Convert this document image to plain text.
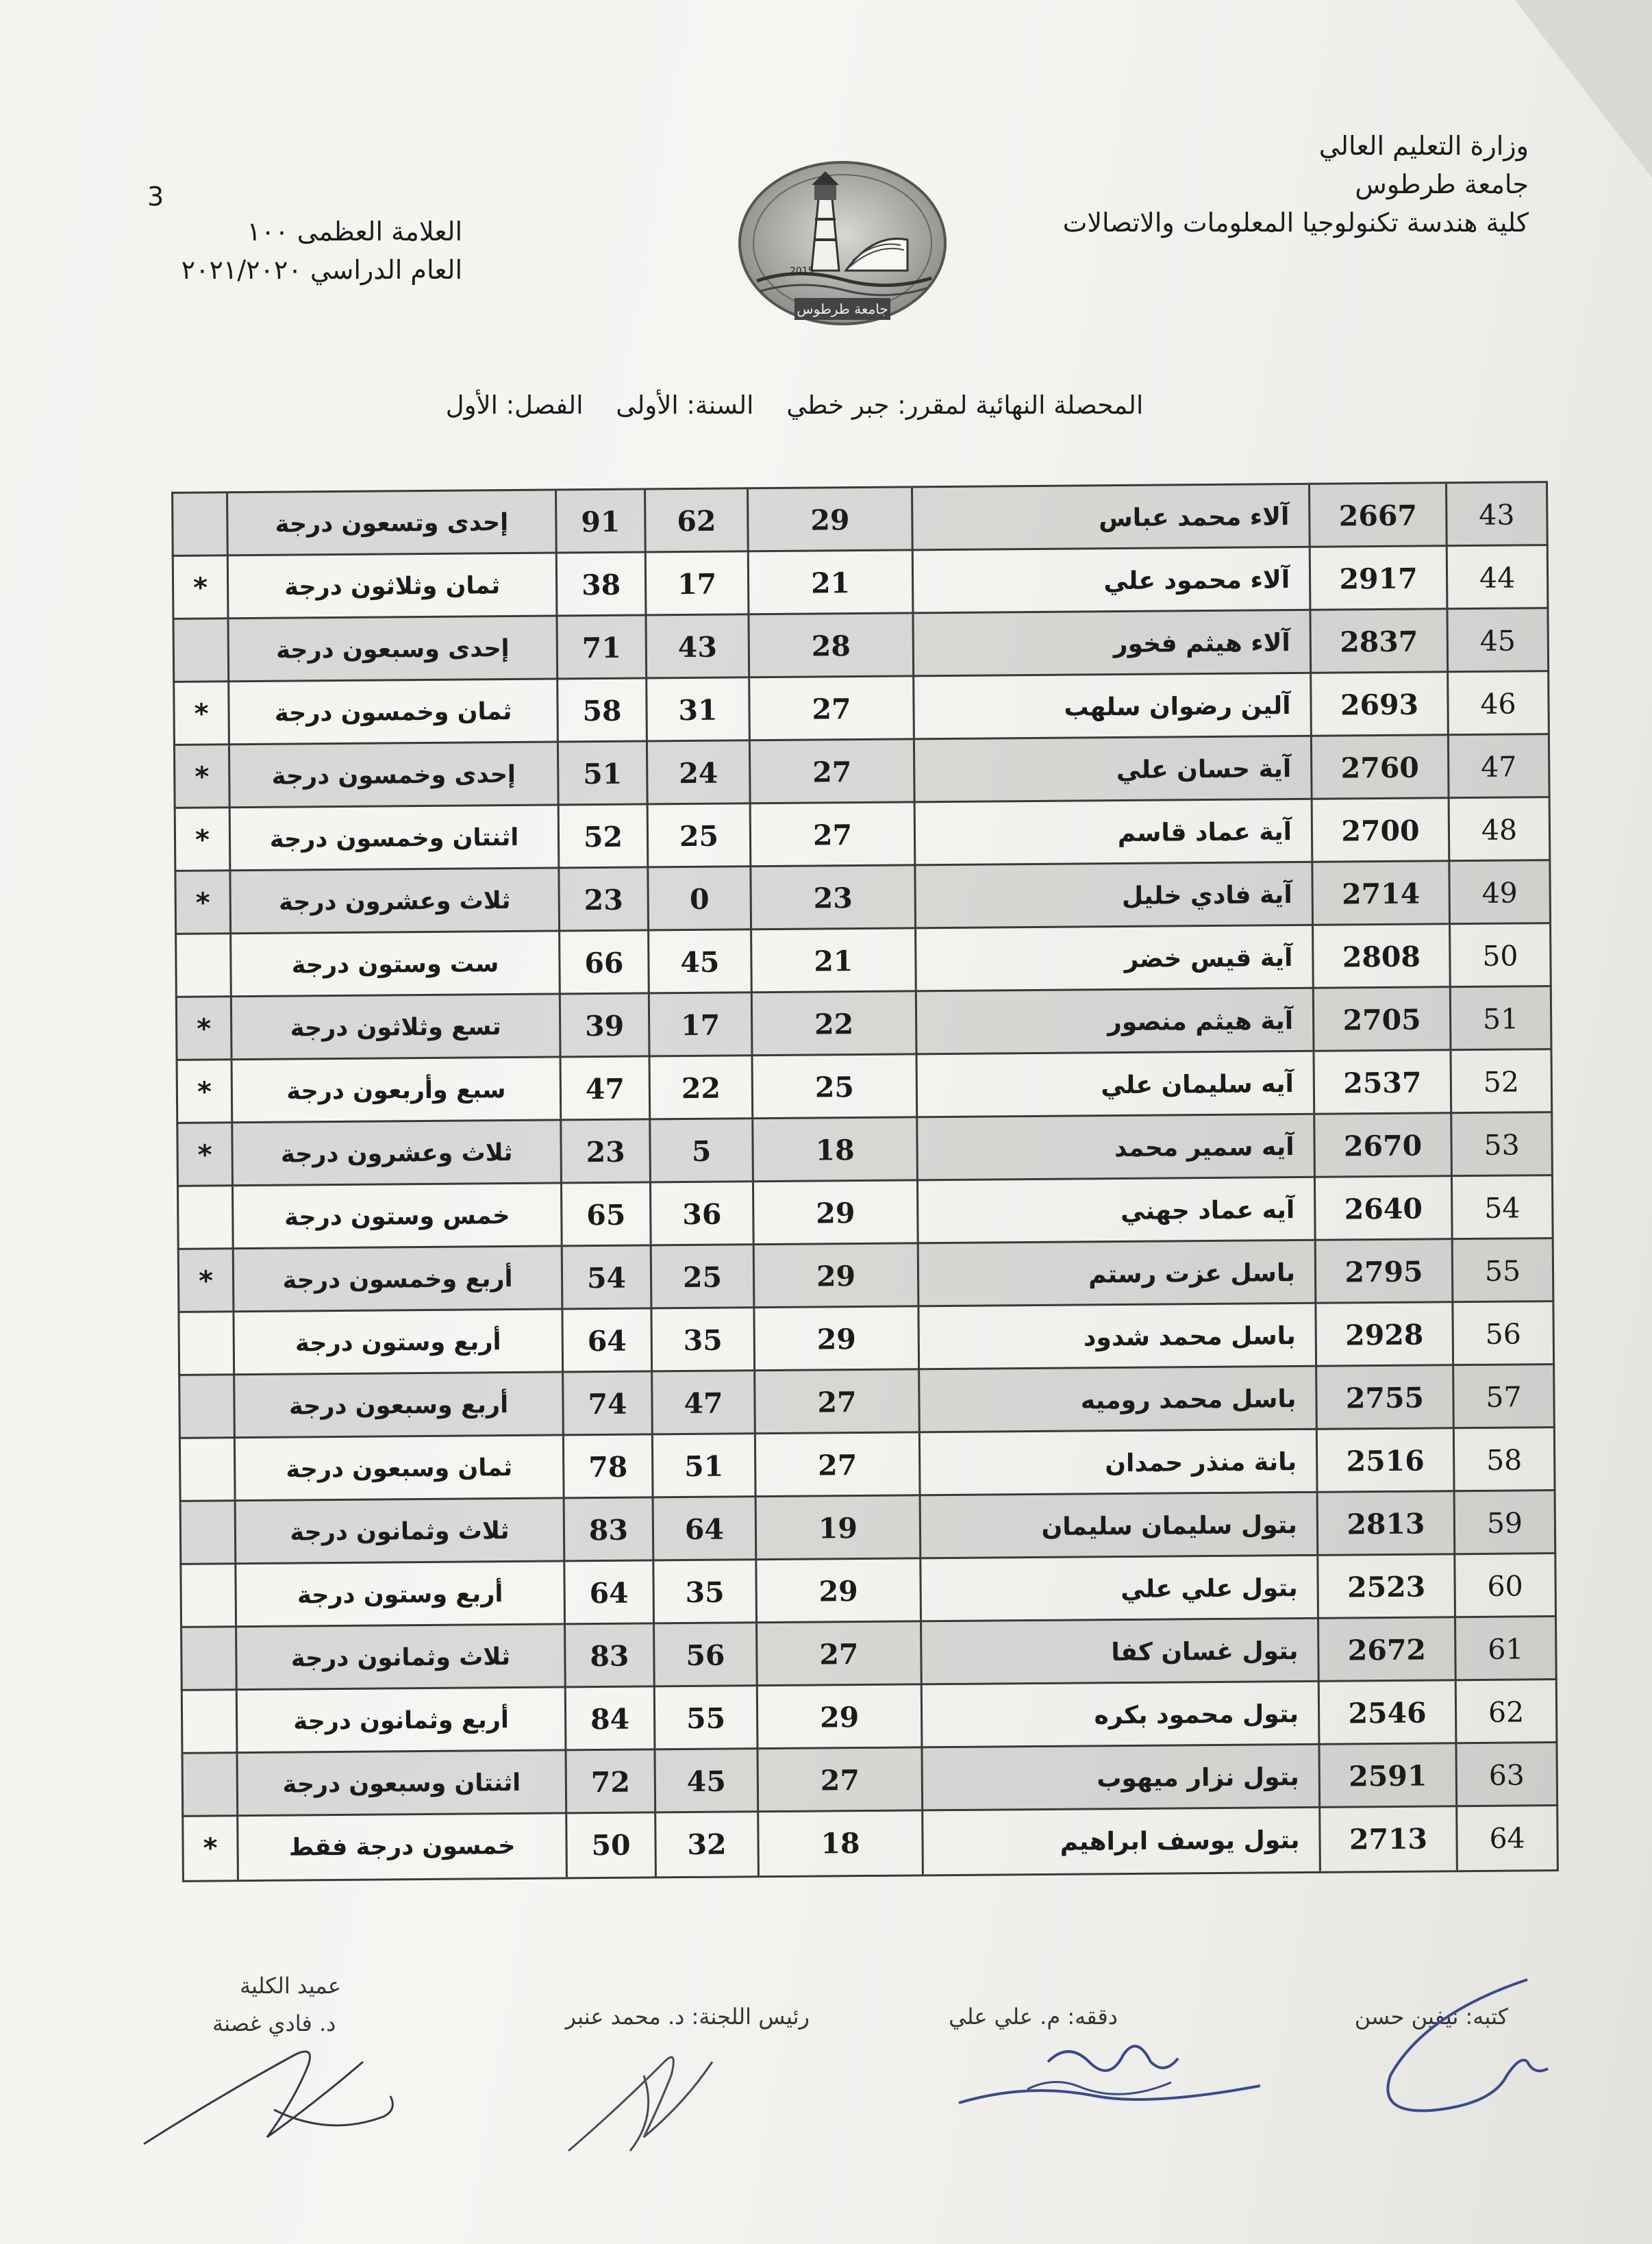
وزارة التعليم العالي
جامعة طرطوس
كلية هندسة تكنولوجيا المعلومات والاتصالات
3
العلامة العظمى ١٠٠
العام الدراسي ٢٠٢١/٢٠٢٠	2015
جامعة طرطوس
المحصلة النهائية لمقرر: جبر خطي السنة: الأولى الفصل: الأول
43
2667
آلاء محمد عباس
29
62
91
إحدى وتسعون درجة
44
2917
آلاء محمود علي
21
17
38
ثمان وثلاثون درجة
*
45
2837
آلاء هيثم فخور
28
43
71
إحدى وسبعون درجة
46
2693
آلين رضوان سلهب
27
31
58
ثمان وخمسون درجة
*
47
2760
آية حسان علي
27
24
51
إحدى وخمسون درجة
*
48
2700
آية عماد قاسم
27
25
52
اثنتان وخمسون درجة
*
49
2714
آية فادي خليل
23
0
23
ثلاث وعشرون درجة
*
50
2808
آية قيس خضر
21
45
66
ست وستون درجة
51
2705
آية هيثم منصور
22
17
39
تسع وثلاثون درجة
*
52
2537
آيه سليمان علي
25
22
47
سبع وأربعون درجة
*
53
2670
آيه سمير محمد
18
5
23
ثلاث وعشرون درجة
*
54
2640
آيه عماد جهني
29
36
65
خمس وستون درجة
55
2795
باسل عزت رستم
29
25
54
أربع وخمسون درجة
*
56
2928
باسل محمد شدود
29
35
64
أربع وستون درجة
57
2755
باسل محمد روميه
27
47
74
أربع وسبعون درجة
58
2516
بانة منذر حمدان
27
51
78
ثمان وسبعون درجة
59
2813
بتول سليمان سليمان
19
64
83
ثلاث وثمانون درجة
60
2523
بتول علي علي
29
35
64
أربع وستون درجة
61
2672
بتول غسان كفا
27
56
83
ثلاث وثمانون درجة
62
2546
بتول محمود بكره
29
55
84
أربع وثمانون درجة
63
2591
بتول نزار ميهوب
27
45
72
اثنتان وسبعون درجة
64
2713
بتول يوسف ابراهيم
18
32
50
خمسون درجة فقط
*
كتبه: نيفين حسن
دققه: م. علي علي
رئيس اللجنة: د. محمد عنبر
عميد الكلية
د. فادي غصنة
